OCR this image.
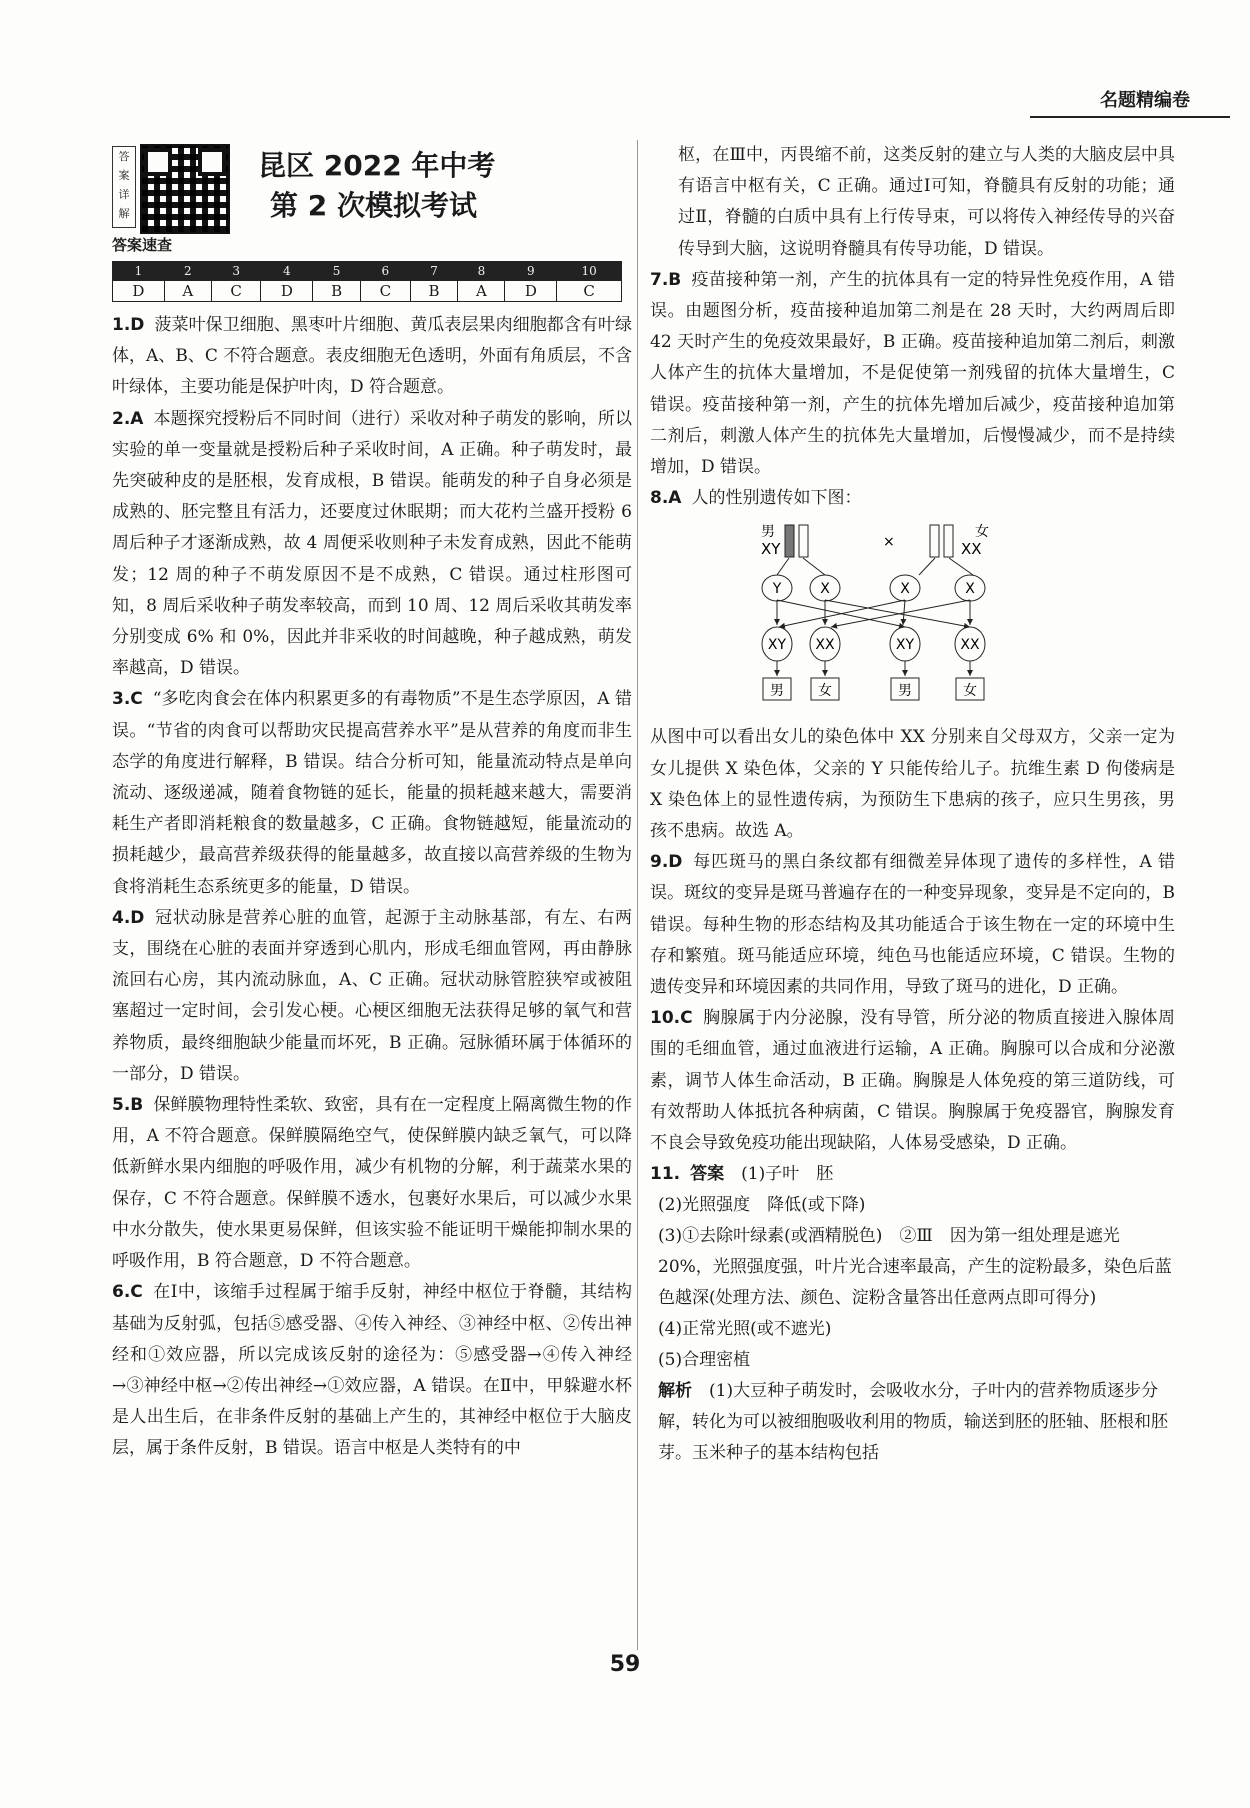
名题精编卷
答
案
详
解
昆区 2022 年中考
第 2 次模拟考试
答案速查
1	2	3	4	5	6	7	8	9	10
D	A	C	D	B	C	B	A	D	C

1.D 菠菜叶保卫细胞、黑枣叶片细胞、黄瓜表层果肉细胞都含有叶绿体，A、B、C 不符合题意。表皮细胞无色透明，外面有角质层，不含叶绿体，主要功能是保护叶肉，D 符合题意。

2.A 本题探究授粉后不同时间（进行）采收对种子萌发的影响，所以实验的单一变量就是授粉后种子采收时间，A 正确。种子萌发时，最先突破种皮的是胚根，发育成根，B 错误。能萌发的种子自身必须是成熟的、胚完整且有活力，还要度过休眠期；而大花杓兰盛开授粉 6 周后种子才逐渐成熟，故 4 周便采收则种子未发育成熟，因此不能萌发；12 周的种子不萌发原因不是不成熟，C 错误。通过柱形图可知，8 周后采收种子萌发率较高，而到 10 周、12 周后采收其萌发率分别变成 6% 和 0%，因此并非采收的时间越晚，种子越成熟，萌发率越高，D 错误。

3.C “多吃肉食会在体内积累更多的有毒物质”不是生态学原因，A 错误。“节省的肉食可以帮助灾民提高营养水平”是从营养的角度而非生态学的角度进行解释，B 错误。结合分析可知，能量流动特点是单向流动、逐级递减，随着食物链的延长，能量的损耗越来越大，需要消耗生产者即消耗粮食的数量越多，C 正确。食物链越短，能量流动的损耗越少，最高营养级获得的能量越多，故直接以高营养级的生物为食将消耗生态系统更多的能量，D 错误。

4.D 冠状动脉是营养心脏的血管，起源于主动脉基部，有左、右两支，围绕在心脏的表面并穿透到心肌内，形成毛细血管网，再由静脉流回右心房，其内流动脉血，A、C 正确。冠状动脉管腔狭窄或被阻塞超过一定时间，会引发心梗。心梗区细胞无法获得足够的氧气和营养物质，最终细胞缺少能量而坏死，B 正确。冠脉循环属于体循环的一部分，D 错误。

5.B 保鲜膜物理特性柔软、致密，具有在一定程度上隔离微生物的作用，A 不符合题意。保鲜膜隔绝空气，使保鲜膜内缺乏氧气，可以降低新鲜水果内细胞的呼吸作用，减少有机物的分解，利于蔬菜水果的保存，C 不符合题意。保鲜膜不透水，包裹好水果后，可以减少水果中水分散失，使水果更易保鲜，但该实验不能证明干燥能抑制水果的呼吸作用，B 符合题意，D 不符合题意。

6.C 在Ⅰ中，该缩手过程属于缩手反射，神经中枢位于脊髓，其结构基础为反射弧，包括⑤感受器、④传入神经、③神经中枢、②传出神经和①效应器，所以完成该反射的途径为：⑤感受器→④传入神经→③神经中枢→②传出神经→①效应器，A 错误。在Ⅱ中，甲躲避水杯是人出生后，在非条件反射的基础上产生的，其神经中枢位于大脑皮层，属于条件反射，B 错误。语言中枢是人类特有的中

枢，在Ⅲ中，丙畏缩不前，这类反射的建立与人类的大脑皮层中具有语言中枢有关，C 正确。通过Ⅰ可知，脊髓具有反射的功能；通过Ⅱ，脊髓的白质中具有上行传导束，可以将传入神经传导的兴奋传导到大脑，这说明脊髓具有传导功能，D 错误。

7.B 疫苗接种第一剂，产生的抗体具有一定的特异性免疫作用，A 错误。由题图分析，疫苗接种追加第二剂是在 28 天时，大约两周后即 42 天时产生的免疫效果最好，B 正确。疫苗接种追加第二剂后，刺激人体产生的抗体大量增加，不是促使第一剂残留的抗体大量增生，C 错误。疫苗接种第一剂，产生的抗体先增加后减少，疫苗接种追加第二剂后，刺激人体产生的抗体先大量增加，后慢慢减少，而不是持续增加，D 错误。

8.A 人的性别遗传如下图：

男
XY	×
女
XX
Y	X	X	X
XY XX	XY	XX
男 女	男	女

从图中可以看出女儿的染色体中 XX 分别来自父母双方，父亲一定为女儿提供 X 染色体，父亲的 Y 只能传给儿子。抗维生素 D 佝偻病是 X 染色体上的显性遗传病，为预防生下患病的孩子，应只生男孩，男孩不患病。故选 A。

9.D 每匹斑马的黑白条纹都有细微差异体现了遗传的多样性，A 错误。斑纹的变异是斑马普遍存在的一种变异现象，变异是不定向的，B 错误。每种生物的形态结构及其功能适合于该生物在一定的环境中生存和繁殖。斑马能适应环境，纯色马也能适应环境，C 错误。生物的遗传变异和环境因素的共同作用，导致了斑马的进化，D 正确。

10.C 胸腺属于内分泌腺，没有导管，所分泌的物质直接进入腺体周围的毛细血管，通过血液进行运输，A 正确。胸腺可以合成和分泌激素，调节人体生命活动，B 正确。胸腺是人体免疫的第三道防线，可有效帮助人体抵抗各种病菌，C 错误。胸腺属于免疫器官，胸腺发育不良会导致免疫功能出现缺陷，人体易受感染，D 正确。

11. 答案　 (1)子叶　胚

(2)光照强度　降低(或下降)

(3)①去除叶绿素(或酒精脱色)　②Ⅲ　因为第一组处理是遮光 20%，光照强度强，叶片光合速率最高，产生的淀粉最多，染色后蓝色越深(处理方法、颜色、淀粉含量答出任意两点即可得分)

(4)正常光照(或不遮光)

(5)合理密植

解析　 (1)大豆种子萌发时，会吸收水分，子叶内的营养物质逐步分解，转化为可以被细胞吸收利用的物质，输送到胚的胚轴、胚根和胚芽。玉米种子的基本结构包括

59
